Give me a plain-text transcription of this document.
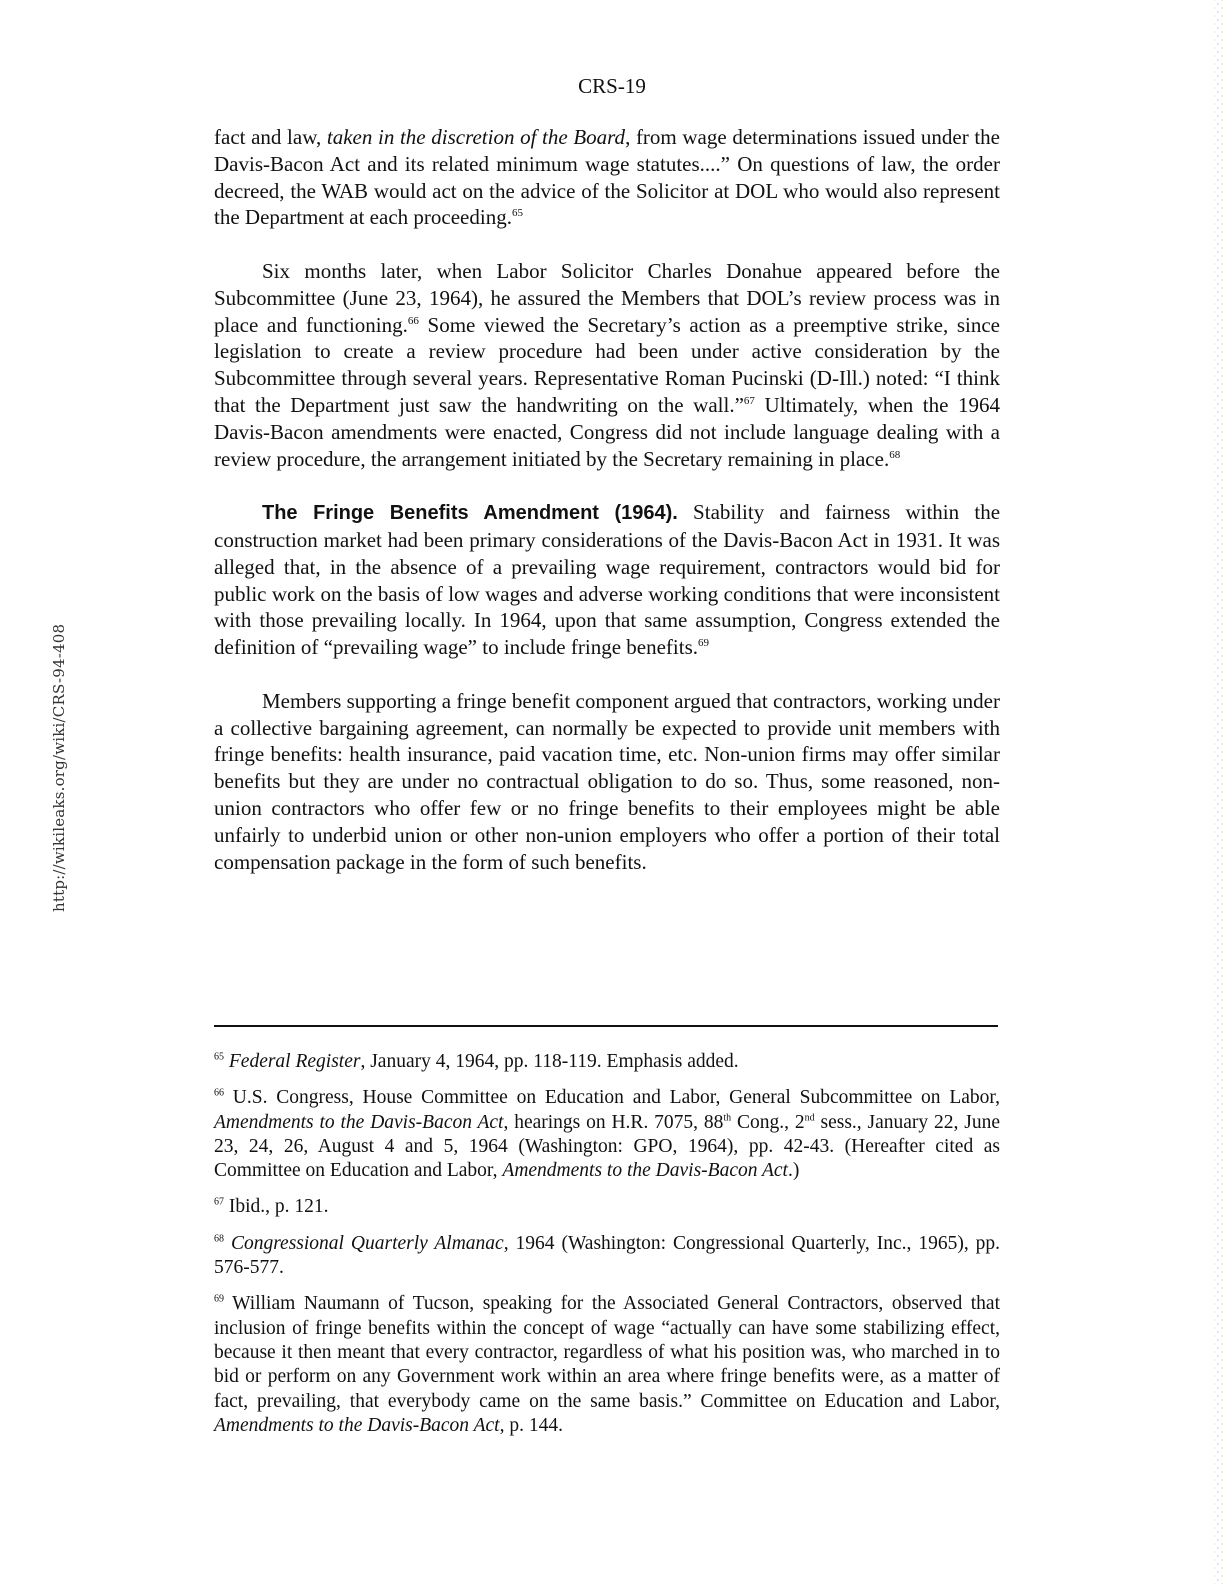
http://wikileaks.org/wiki/CRS-94-408
CRS-19

fact and law, taken in the discretion of the Board, from wage determinations issued under the Davis-Bacon Act and its related minimum wage statutes....” On questions of law, the order decreed, the WAB would act on the advice of the Solicitor at DOL who would also represent the Department at each proceeding.$^{65}$

Six months later, when Labor Solicitor Charles Donahue appeared before the Subcommittee (June 23, 1964), he assured the Members that DOL’s review process was in place and functioning.$^{66}$ Some viewed the Secretary’s action as a preemptive strike, since legislation to create a review procedure had been under active consideration by the Subcommittee through several years. Representative Roman Pucinski (D-Ill.) noted: “I think that the Department just saw the handwriting on the wall.”$^{67}$ Ultimately, when the 1964 Davis-Bacon amendments were enacted, Congress did not include language dealing with a review procedure, the arrangement initiated by the Secretary remaining in place.$^{68}$

The Fringe Benefits Amendment (1964). Stability and fairness within the construction market had been primary considerations of the Davis-Bacon Act in 1931. It was alleged that, in the absence of a prevailing wage requirement, contractors would bid for public work on the basis of low wages and adverse working conditions that were inconsistent with those prevailing locally. In 1964, upon that same assumption, Congress extended the definition of “prevailing wage” to include fringe benefits.$^{69}$

Members supporting a fringe benefit component argued that contractors, working under a collective bargaining agreement, can normally be expected to provide unit members with fringe benefits: health insurance, paid vacation time, etc. Non-union firms may offer similar benefits but they are under no contractual obligation to do so. Thus, some reasoned, non-union contractors who offer few or no fringe benefits to their employees might be able unfairly to underbid union or other non-union employers who offer a portion of their total compensation package in the form of such benefits.

$^{65}$ Federal Register, January 4, 1964, pp. 118-119. Emphasis added.
$^{66}$ U.S. Congress, House Committee on Education and Labor, General Subcommittee on Labor, Amendments to the Davis-Bacon Act, hearings on H.R. 7075, 88th Cong., 2nd sess., January 22, June 23, 24, 26, August 4 and 5, 1964 (Washington: GPO, 1964), pp. 42-43. (Hereafter cited as Committee on Education and Labor, Amendments to the Davis-Bacon Act.)
$^{67}$ Ibid., p. 121.
$^{68}$ Congressional Quarterly Almanac, 1964 (Washington: Congressional Quarterly, Inc., 1965), pp. 576-577.
$^{69}$ William Naumann of Tucson, speaking for the Associated General Contractors, observed that inclusion of fringe benefits within the concept of wage “actually can have some stabilizing effect, because it then meant that every contractor, regardless of what his position was, who marched in to bid or perform on any Government work within an area where fringe benefits were, as a matter of fact, prevailing, that everybody came on the same basis.” Committee on Education and Labor, Amendments to the Davis-Bacon Act, p. 144.
